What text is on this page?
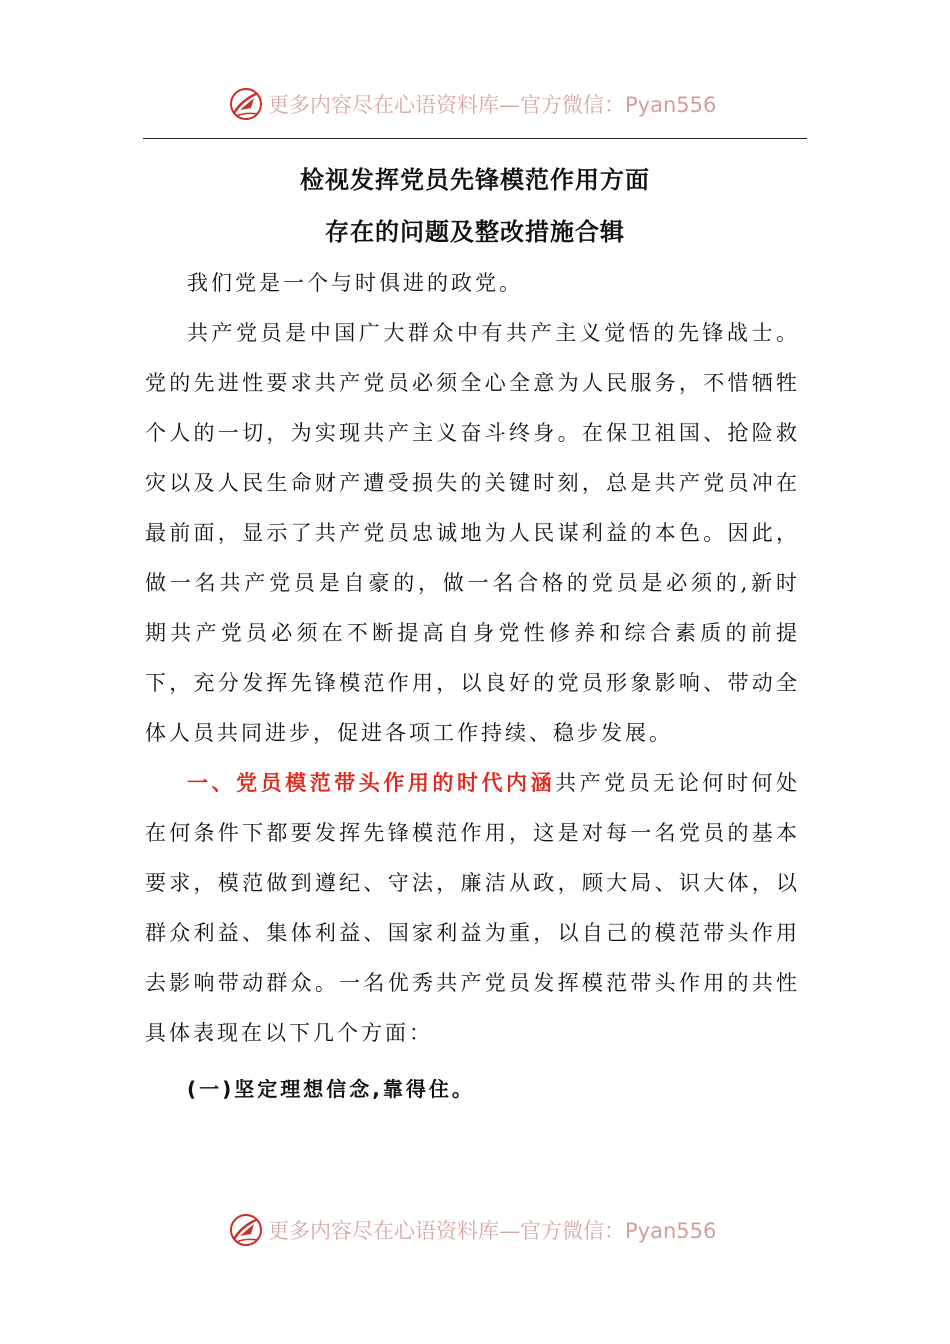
更多内容尽在心语资料库—官方微信：Pyan556
检视发挥党员先锋模范作用方面
存在的问题及整改措施合辑

我们党是一个与时俱进的政党。

共产党员是中国广大群众中有共产主义觉悟的先锋战士。党的先进性要求共产党员必须全心全意为人民服务，不惜牺牲个人的一切，为实现共产主义奋斗终身。在保卫祖国、抢险救灾以及人民生命财产遭受损失的关键时刻，总是共产党员冲在最前面，显示了共产党员忠诚地为人民谋利益的本色。因此，做一名共产党员是自豪的，做一名合格的党员是必须的,新时期共产党员必须在不断提高自身党性修养和综合素质的前提下，充分发挥先锋模范作用，以良好的党员形象影响、带动全体人员共同进步，促进各项工作持续、稳步发展。

一、党员模范带头作用的时代内涵共产党员无论何时何处在何条件下都要发挥先锋模范作用，这是对每一名党员的基本要求，模范做到遵纪、守法，廉洁从政，顾大局、识大体，以群众利益、集体利益、国家利益为重，以自己的模范带头作用去影响带动群众。一名优秀共产党员发挥模范带头作用的共性具体表现在以下几个方面：

(一)坚定理想信念,靠得住。

更多内容尽在心语资料库—官方微信：Pyan556
